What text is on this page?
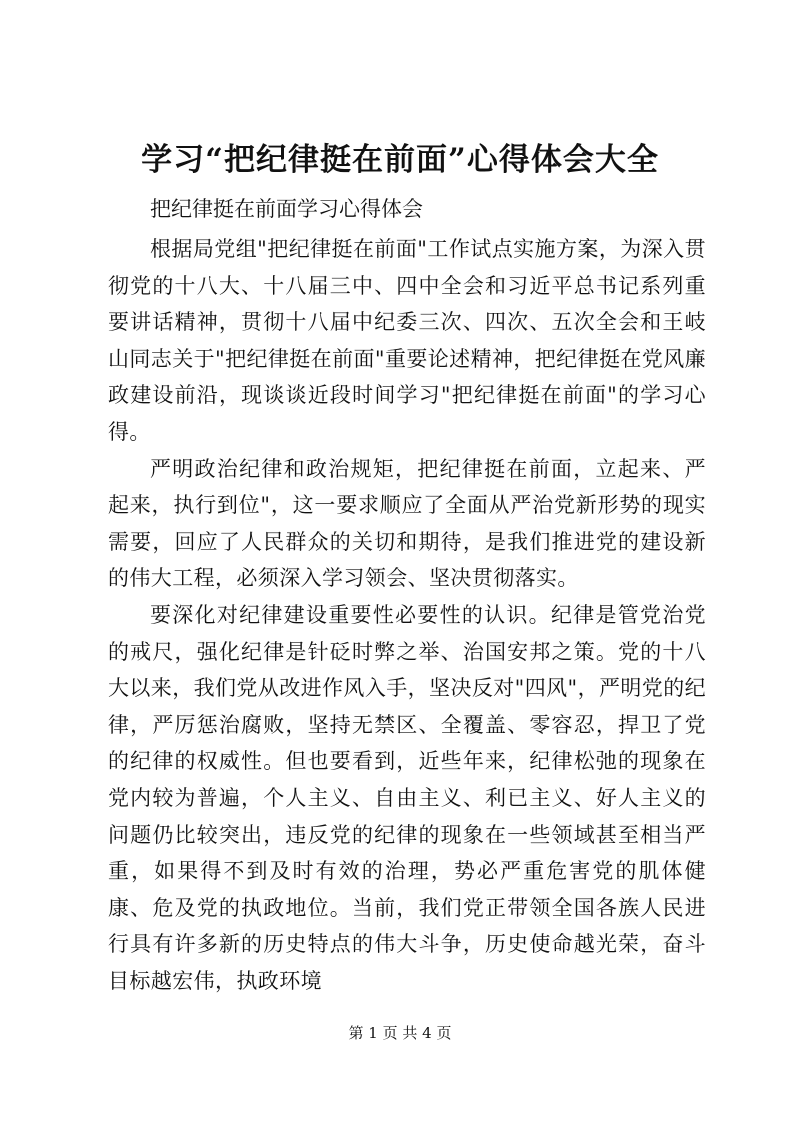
学习“把纪律挺在前面”心得体会大全

把纪律挺在前面学习心得体会

根据局党组"把纪律挺在前面"工作试点实施方案，为深入贯彻党的十八大、十八届三中、四中全会和习近平总书记系列重要讲话精神，贯彻十八届中纪委三次、四次、五次全会和王岐山同志关于"把纪律挺在前面"重要论述精神，把纪律挺在党风廉政建设前沿，现谈谈近段时间学习"把纪律挺在前面"的学习心得。

严明政治纪律和政治规矩，把纪律挺在前面，立起来、严起来，执行到位"，这一要求顺应了全面从严治党新形势的现实需要，回应了人民群众的关切和期待，是我们推进党的建设新的伟大工程，必须深入学习领会、坚决贯彻落实。

要深化对纪律建设重要性必要性的认识。纪律是管党治党的戒尺，强化纪律是针砭时弊之举、治国安邦之策。党的十八大以来，我们党从改进作风入手，坚决反对"四风"，严明党的纪律，严厉惩治腐败，坚持无禁区、全覆盖、零容忍，捍卫了党的纪律的权威性。但也要看到，近些年来，纪律松弛的现象在党内较为普遍，个人主义、自由主义、利已主义、好人主义的问题仍比较突出，违反党的纪律的现象在一些领域甚至相当严重，如果得不到及时有效的治理，势必严重危害党的肌体健康、危及党的执政地位。当前，我们党正带领全国各族人民进行具有许多新的历史特点的伟大斗争，历史使命越光荣，奋斗目标越宏伟，执政环境

第 1 页 共 4 页
